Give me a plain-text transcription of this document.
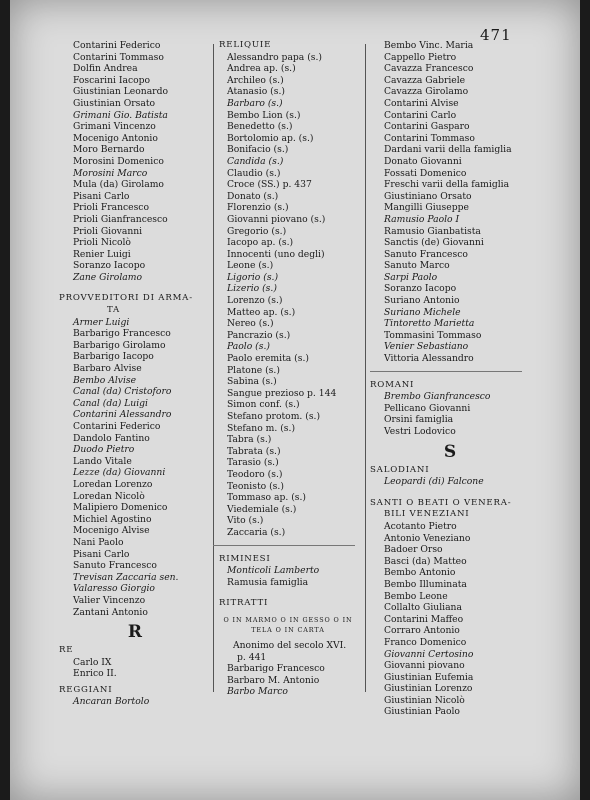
471
Contarini Federico
Contarini Tommaso
Dolfin Andrea
Foscarini Iacopo
Giustinian Leonardo
Giustinian Orsato
Grimani Gio. Batista
Grimani Vincenzo
Mocenigo Antonio
Moro Bernardo
Morosini Domenico
Morosini Marco
Mula (da) Girolamo
Pisani Carlo
Prioli Francesco
Prioli Gianfrancesco
Prioli Giovanni
Prioli Nicolò
Renier Luigi
Soranzo Iacopo
Zane Girolamo
PROVVEDITORI DI ARMA-
TA
Armer Luigi
Barbarigo Francesco
Barbarigo Girolamo
Barbarigo Iacopo
Barbaro Alvise
Bembo Alvise
Canal (da) Cristoforo
Canal (da) Luigi
Contarini Alessandro
Contarini Federico
Dandolo Fantino
Duodo Pietro
Lando Vitale
Lezze (da) Giovanni
Loredan Lorenzo
Loredan Nicolò
Malipiero Domenico
Michiel Agostino
Mocenigo Alvise
Nani Paolo
Pisani Carlo
Sanuto Francesco
Trevisan Zaccaria sen.
Valaresso Giorgio
Valier Vincenzo
Zantani Antonio
R
RE
Carlo IX
Enrico II.
REGGIANI
Ancaran Bortolo
RELIQUIE
Alessandro papa (s.)
Andrea ap. (s.)
Archileo (s.)
Atanasio (s.)
Barbaro (s.)
Bembo Lion (s.)
Benedetto (s.)
Bortolomio ap. (s.)
Bonifacio (s.)
Candida (s.)
Claudio (s.)
Croce (SS.) p. 437
Donato (s.)
Florenzio (s.)
Giovanni piovano (s.)
Gregorio (s.)
Iacopo ap. (s.)
Innocenti (uno degli)
Leone (s.)
Ligorio (s.)
Lizerio (s.)
Lorenzo (s.)
Matteo ap. (s.)
Nereo (s.)
Pancrazio (s.)
Paolo (s.)
Paolo eremita (s.)
Platone (s.)
Sabina (s.)
Sangue prezioso p. 144
Simon conf. (s.)
Stefano protom. (s.)
Stefano m. (s.)
Tabra (s.)
Tabrata (s.)
Tarasio (s.)
Teodoro (s.)
Teonisto (s.)
Tommaso ap. (s.)
Viedemiale (s.)
Vito (s.)
Zaccaria (s.)
RIMINESI
Monticoli Lamberto
Ramusia famiglia
RITRATTI
O IN MARMO O IN GESSO O IN
TELA O IN CARTA
Anonimo del secolo XVI.
p. 441
Barbarigo Francesco
Barbaro M. Antonio
Barbo Marco
Bembo Vinc. Maria
Cappello Pietro
Cavazza Francesco
Cavazza Gabriele
Cavazza Girolamo
Contarini Alvise
Contarini Carlo
Contarini Gasparo
Contarini Tommaso
Dardani varii della famiglia
Donato Giovanni
Fossati Domenico
Freschi varii della famiglia
Giustiniano Orsato
Mangilli Giuseppe
Ramusio Paolo I
Ramusio Gianbatista
Sanctis (de) Giovanni
Sanuto Francesco
Sanuto Marco
Sarpi Paolo
Soranzo Iacopo
Suriano Antonio
Suriano Michele
Tintoretto Marietta
Tommasini Tommaso
Venier Sebastiano
Vittoria Alessandro
ROMANI
Brembo Gianfrancesco
Pellicano Giovanni
Orsini famiglia
Vestri Lodovico
S
SALODIANI
Leopardi (di) Falcone
SANTI O BEATI O VENERA-
BILI VENEZIANI
Acotanto Pietro
Antonio Veneziano
Badoer Orso
Basci (da) Matteo
Bembo Antonio
Bembo Illuminata
Bembo Leone
Collalto Giuliana
Contarini Maffeo
Corraro Antonio
Franco Domenico
Giovanni Certosino
Giovanni piovano
Giustinian Eufemia
Giustinian Lorenzo
Giustinian Nicolò
Giustinian Paolo
